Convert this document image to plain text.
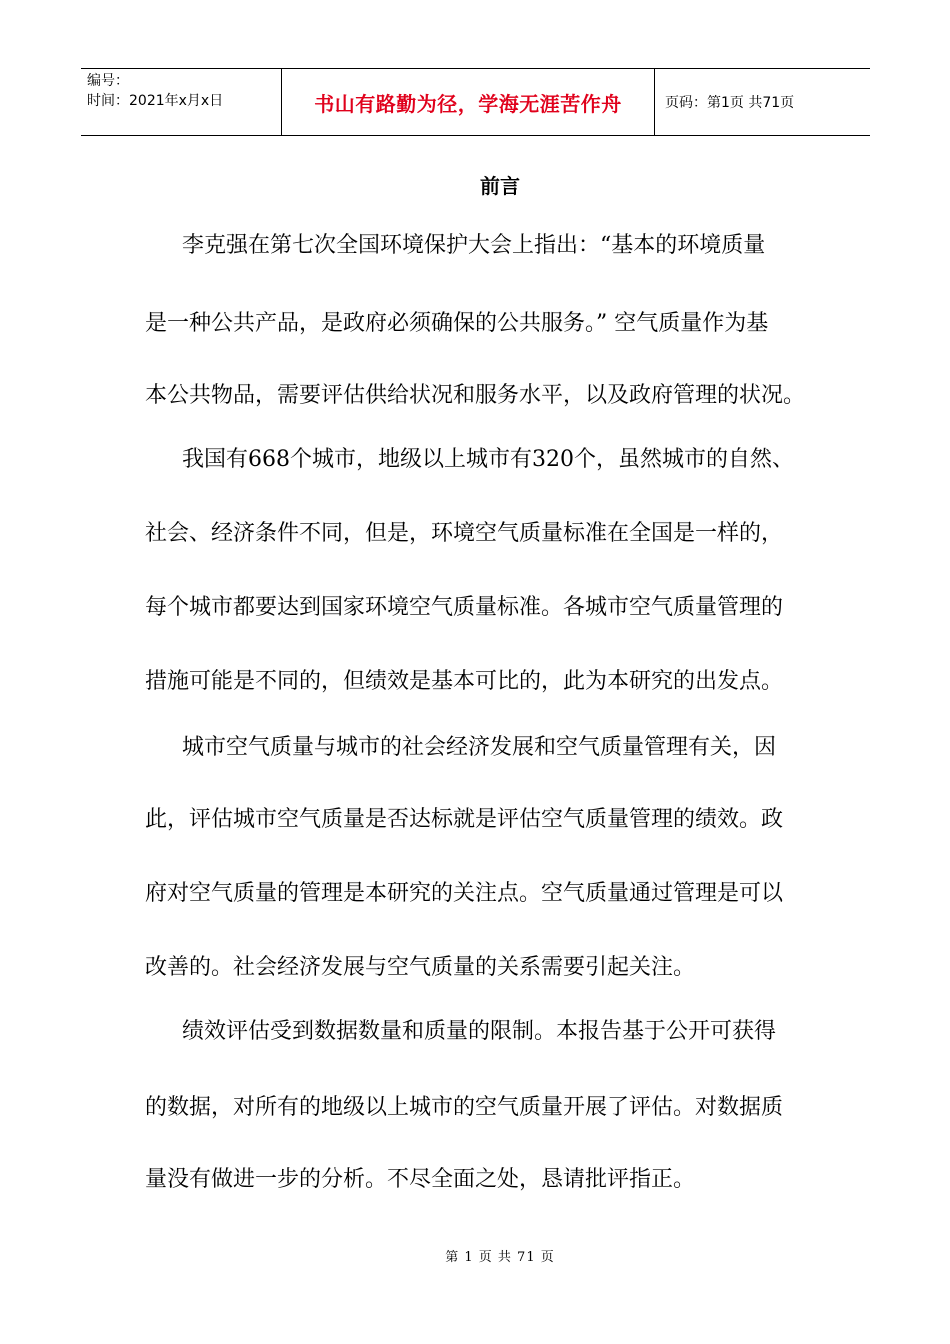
编号：
时间：2021年x月x日	书山有路勤为径，学海无涯苦作舟	页码：第1页 共71页
前言
李克强在第七次全国环境保护大会上指出：“基本的环境质量
是一种公共产品，是政府必须确保的公共服务。” 空气质量作为基
本公共物品，需要评估供给状况和服务水平，以及政府管理的状况。
我国有668个城市，地级以上城市有320个，虽然城市的自然、
社会、经济条件不同，但是，环境空气质量标准在全国是一样的，
每个城市都要达到国家环境空气质量标准。各城市空气质量管理的
措施可能是不同的，但绩效是基本可比的，此为本研究的出发点。
城市空气质量与城市的社会经济发展和空气质量管理有关，因
此，评估城市空气质量是否达标就是评估空气质量管理的绩效。政
府对空气质量的管理是本研究的关注点。空气质量通过管理是可以
改善的。社会经济发展与空气质量的关系需要引起关注。
绩效评估受到数据数量和质量的限制。本报告基于公开可获得
的数据，对所有的地级以上城市的空气质量开展了评估。对数据质
量没有做进一步的分析。不尽全面之处，恳请批评指正。
第 1 页 共 71 页
